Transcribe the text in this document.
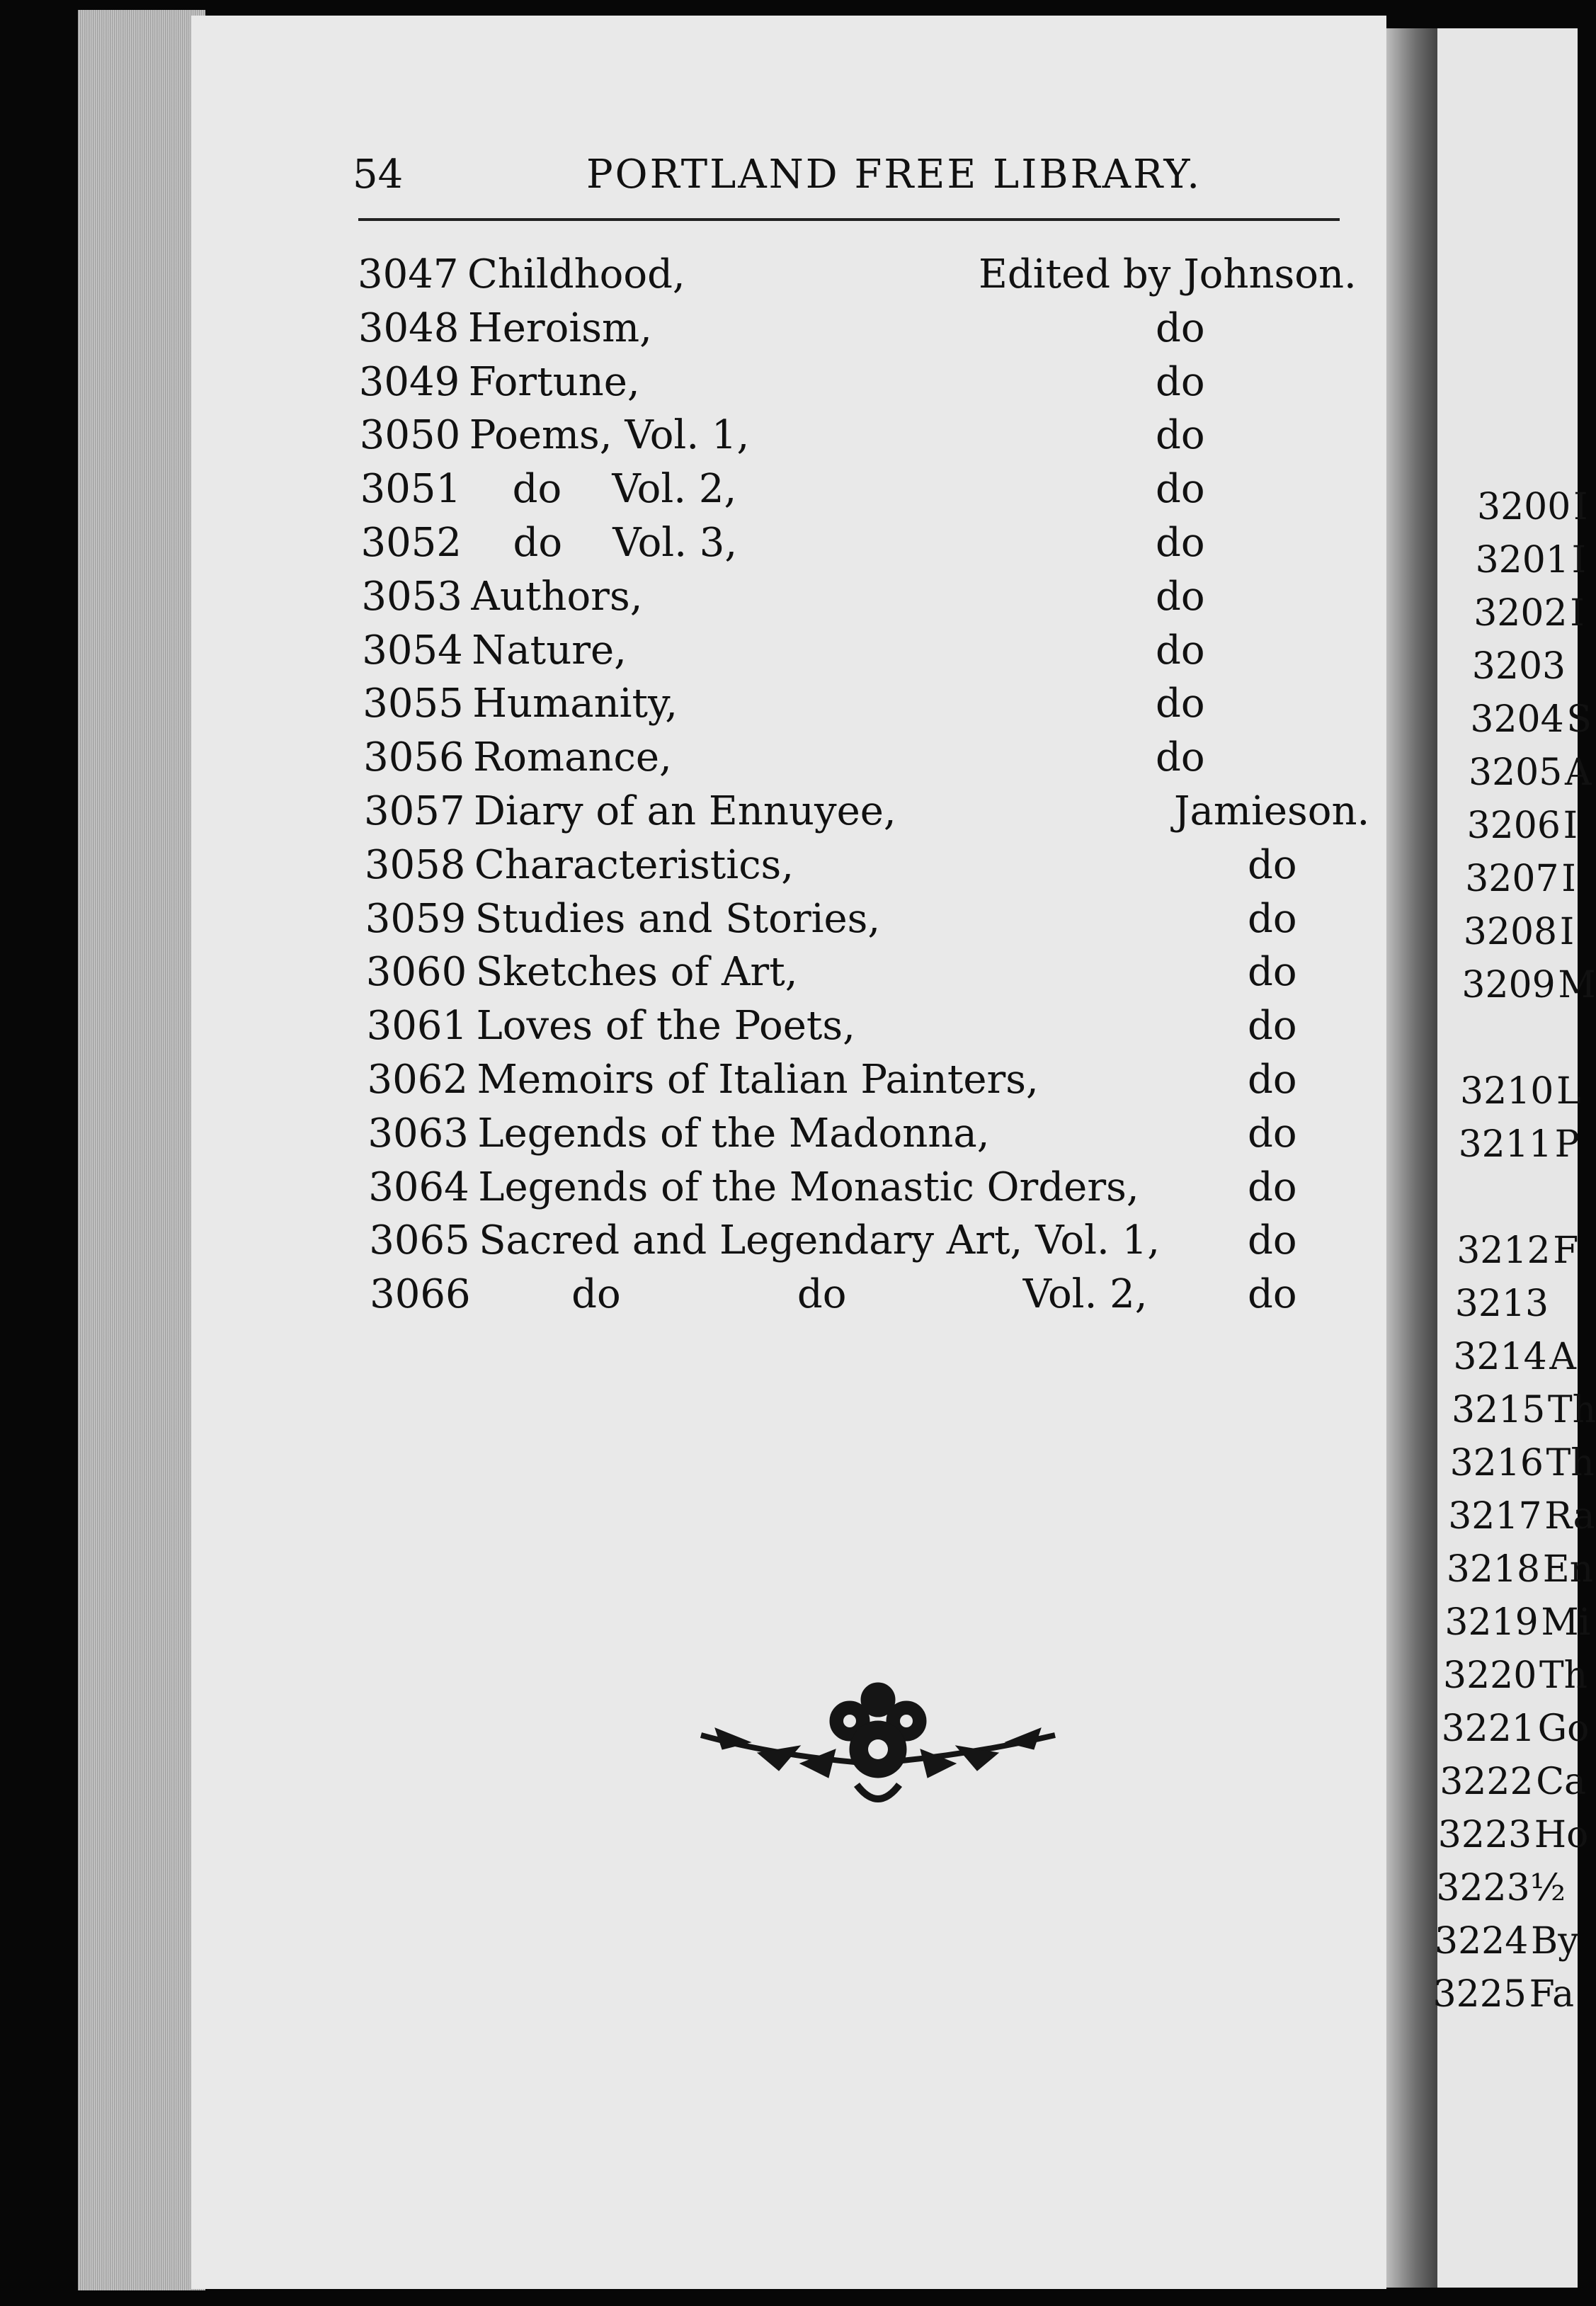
54	PORTLAND FREE LIBRARY.
3047 Childhood,	Edited by Johnson.
3048 Heroism,	do
3049 Fortune,	do
3050 Poems, Vol. 1,	do
3051 do    Vol. 2,	do
3052 do    Vol. 3,	do
3053 Authors,	do
3054 Nature,	do
3055 Humanity,	do
3056 Romance,	do
3057 Diary of an Ennuyee,	Jamieson.
3058 Characteristics,	do
3059 Studies and Stories,	do
3060 Sketches of Art,	do
3061 Loves of the Poets,	do
3062 Memoirs of Italian Painters,	do
3063 Legends of the Madonna,	do
3064 Legends of the Monastic Orders,	do
3065 Sacred and Legendary Art, Vol. 1, do
3066	do              do              Vol. 2,	do
3200 I
3201 I
3202 I
3203
3204 S
3205 A
3206 I
3207 I
3208 I
3209 M
3210 L
3211 P
3212 F
3213
3214 A
3215 Th
3216 Th
3217 Ra
3218 En
3219 Mi
3220 Th
3221 Go
3222 Ca
3223 Ho
3223½
3224 By
3225 Fa
